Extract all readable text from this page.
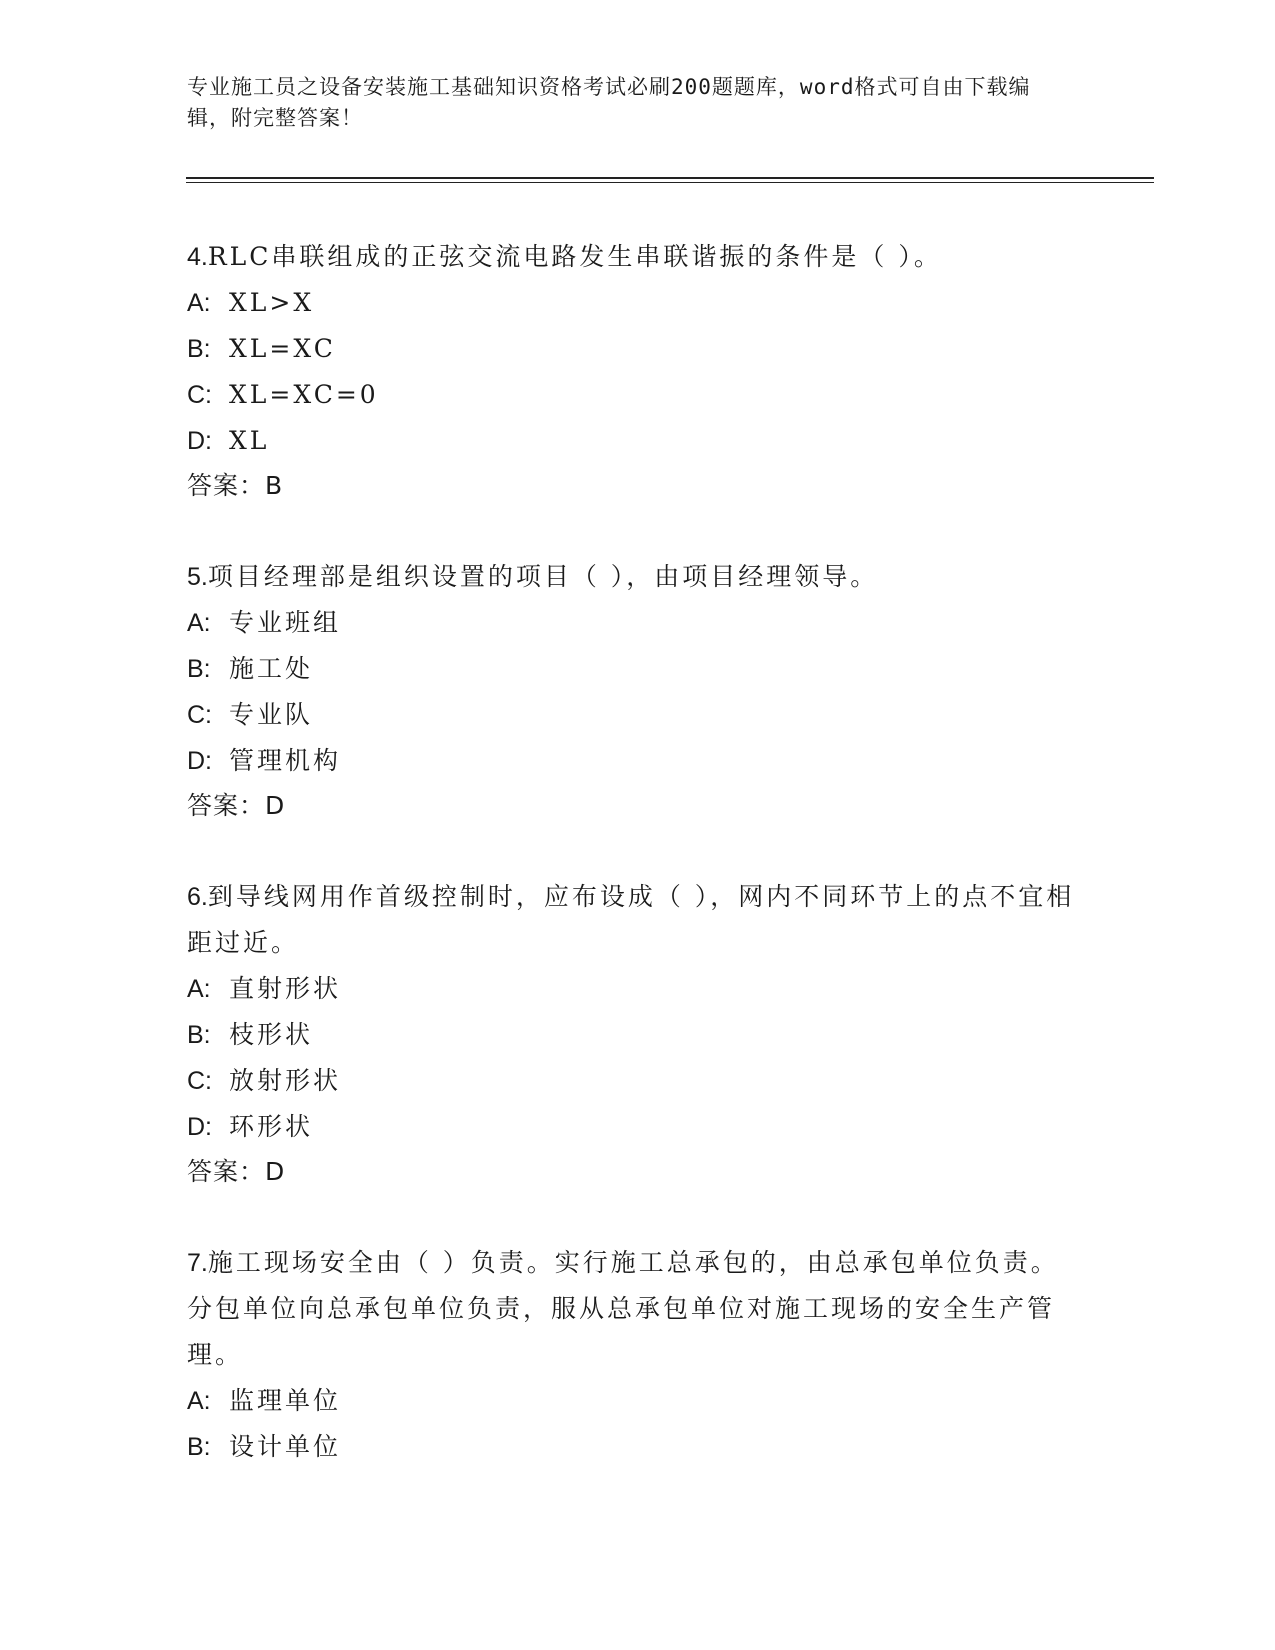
专业施工员之设备安装施工基础知识资格考试必刷200题题库，word格式可自由下载编辑，附完整答案！

4.RLC串联组成的正弦交流电路发生串联谐振的条件是（ ）。

A: XL>X

B: XL=XC

C: XL=XC=0

D: XL

答案：B

5.项目经理部是组织设置的项目（ ），由项目经理领导。

A: 专业班组

B: 施工处

C: 专业队

D: 管理机构

答案：D

6.到导线网用作首级控制时，应布设成（ ），网内不同环节上的点不宜相距过近。

A: 直射形状

B: 枝形状

C: 放射形状

D: 环形状

答案：D

7.施工现场安全由（ ）负责。实行施工总承包的，由总承包单位负责。分包单位向总承包单位负责，服从总承包单位对施工现场的安全生产管理。

A: 监理单位

B: 设计单位
